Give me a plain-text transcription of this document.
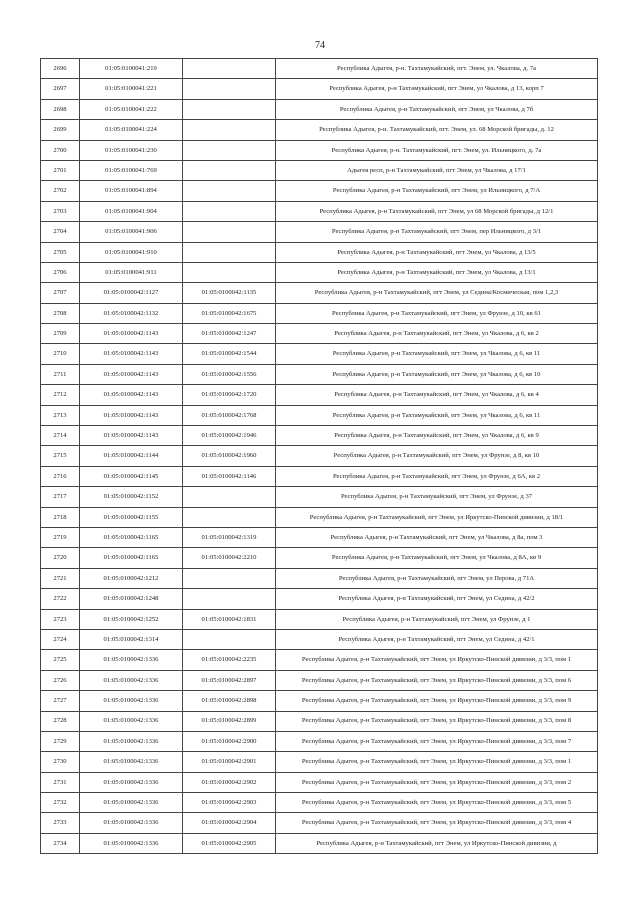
74
2696	01:05:0100041:219		Республика Адыгея, р-н. Тахтамукайский, пгт. Энем, ул. Чкалова, д. 7а
2697	01:05:0100041:221		Республика Адыгея, р-н Тахтамукайский, пгт Энем, ул Чкалова, д 13, корп 7
2698	01:05:0100041:222		Республика Адыгея, р-н Тахтамукайский, пгт Энем, ул Чкалова, д 7б
2699	01:05:0100041:224		Республика Адыгея, р-н. Тахтамукайский, пгт. Энем, ул. 68 Морской бригады, д. 12
2700	01:05:0100041:230		Республика Адыгея, р-н. Тахтамукайский, пгт. Энем, ул. Ильницкого, д. 7а
2701	01:05:0100041:769		Адыгея респ, р-н Тахтамукайский, пгт Энем, ул Чкалова, д 17/1
2702	01:05:0100041:894		Республика Адыгея, р-н Тахтамукайский, пгт Энем, ул Ильницкого, д 7/А
2703	01:05:0100041:904		Республика Адыгея, р-н Тахтамукайский, пгт Энем, ул 68 Морской бригады, д 12/1
2704	01:05:0100041:906		Республика Адыгея, р-н Тахтамукайский, пгт Энем, пер Ильницкого, д 3/1
2705	01:05:0100041:910		Республика Адыгея, р-н Тахтамукайский, пгт Энем, ул Чкалова, д 13/5
2706	01:05:0100041:911		Республика Адыгея, р-н Тахтамукайский, пгт Энем, ул Чкалова, д 13/1
2707	01:05:0100042:1127	01:05:0100042:1135	Республика Адыгея, р-н Тахтамукайский, пгт Энем, ул Седина/Космическая, пом 1,2,3
2708	01:05:0100042:1132	01:05:0100042:1675	Республика Адыгея, р-н Тахтамукайский, пгт Энем, ул Фрунзе, д 10, кв 61
2709	01:05:0100042:1143	01:05:0100042:1247	Республика Адыгея, р-н Тахтамукайский, пгт Энем, ул Чкалова, д 6, кв 2
2710	01:05:0100042:1143	01:05:0100042:1544	Республика Адыгея, р-н Тахтамукайский, пгт Энем, ул Чкалова, д 6, кв 11
2711	01:05:0100042:1143	01:05:0100042:1556	Республика Адыгея, р-н Тахтамукайский, пгт Энем, ул Чкалова, д 6, кв 10
2712	01:05:0100042:1143	01:05:0100042:1720	Республика Адыгея, р-н Тахтамукайский, пгт Энем, ул Чкалова, д 6, кв 4
2713	01:05:0100042:1143	01:05:0100042:1768	Республика Адыгея, р-н Тахтамукайский, пгт Энем, ул Чкалова, д 6, кв 11
2714	01:05:0100042:1143	01:05:0100042:1946	Республика Адыгея, р-н Тахтамукайский, пгт Энем, ул Чкалова, д 6, кв 9
2715	01:05:0100042:1144	01:05:0100042:1960	Республика Адыгея, р-н Тахтамукайский, пгт Энем, ул Фрунзе, д 8, кв 10
2716	01:05:0100042:1145	01:05:0100042:1146	Республика Адыгея, р-н Тахтамукайский, пгт Энем, ул Фрунзе, д 6А, кв 2
2717	01:05:0100042:1152		Республика Адыгея, р-н Тахтамукайский, пгт Энем, ул Фрунзе, д 37
2718	01:05:0100042:1155		Республика Адыгея, р-н Тахтамукайский, пгт Энем, ул Иркутско-Пинской дивизии, д 18/1
2719	01:05:0100042:1165	01:05:0100042:1319	Республика Адыгея, р-н Тахтамукайский, пгт Энем, ул Чкалова, д 8а, пом 3
2720	01:05:0100042:1165	01:05:0100042:2210	Республика Адыгея, р-н Тахтамукайский, пгт Энем, ул Чкалова, д 8А, кв 9
2721	01:05:0100042:1212		Республика Адыгея, р-н Тахтамукайский, пгт Энем, ул Перова, д 71А
2722	01:05:0100042:1248		Республика Адыгея, р-н Тахтамукайский, пгт Энем, ул Седина, д 42/2
2723	01:05:0100042:1252	01:05:0100042:1831	Республика Адыгея, р-н Тахтамукайский, пгт Энем, ул Фрунзе, д 1
2724	01:05:0100042:1314		Республика Адыгея, р-н Тахтамукайский, пгт Энем, ул Седина, д 42/1
2725	01:05:0100042:1336	01:05:0100042:2235	Республика Адыгея, р-н Тахтамукайский, пгт Энем, ул Иркутско-Пинской дивизии, д 3/3, пом 1
2726	01:05:0100042:1336	01:05:0100042:2897	Республика Адыгея, р-н Тахтамукайский, пгт Энем, ул Иркутско-Пинской дивизии, д 3/3, пом 6
2727	01:05:0100042:1336	01:05:0100042:2898	Республика Адыгея, р-н Тахтамукайский, пгт Энем, ул Иркутско-Пинской дивизии, д 3/3, пом 9
2728	01:05:0100042:1336	01:05:0100042:2899	Республика Адыгея, р-н Тахтамукайский, пгт Энем, ул Иркутско-Пинской дивизии, д 3/3, пом 8
2729	01:05:0100042:1336	01:05:0100042:2900	Республика Адыгея, р-н Тахтамукайский, пгт Энем, ул Иркутско-Пинской дивизии, д 3/3, пом 7
2730	01:05:0100042:1336	01:05:0100042:2901	Республика Адыгея, р-н Тахтамукайский, пгт Энем, ул Иркутско-Пинской дивизии, д 3/3, пом 1
2731	01:05:0100042:1336	01:05:0100042:2902	Республика Адыгея, р-н Тахтамукайский, пгт Энем, ул Иркутско-Пинской дивизии, д 3/3, пом 2
2732	01:05:0100042:1336	01:05:0100042:2903	Республика Адыгея, р-н Тахтамукайский, пгт Энем, ул Иркутско-Пинской дивизии, д 3/3, пом 5
2733	01:05:0100042:1336	01:05:0100042:2904	Республика Адыгея, р-н Тахтамукайский, пгт Энем, ул Иркутско-Пинской дивизии, д 3/3, пом 4
2734	01:05:0100042:1336	01:05:0100042:2905	Республика Адыгея, р-н Тахтамукайский, пгт Энем, ул Иркутско-Пинской дивизии, д
